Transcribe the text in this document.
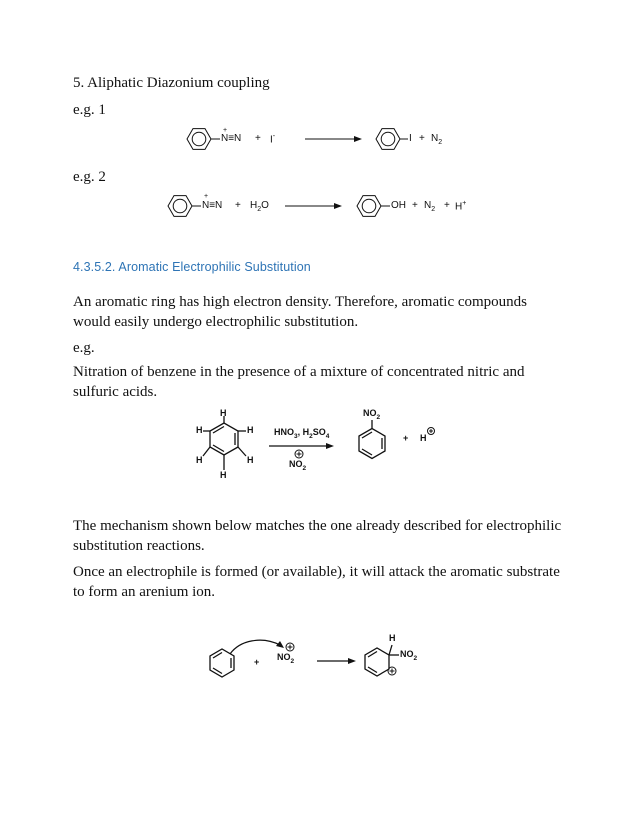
5. Aliphatic Diazonium coupling
e.g. 1
e.g. 2
+
N≡N + I-	$I + N_2$
+
$N\equiv N + H_2O$	OH + $N_2 + H^+$
4.3.5.2. Aromatic Electrophilic Substitution
An aromatic ring has high electron density. Therefore, aromatic compounds would easily undergo electrophilic substitution.
e.g.
Nitration of benzene in the presence of a mixture of concentrated nitric and sulfuric acids.
H
H	H
H	H
H
$HNO_3$, $H_2SO_4$
$NO_2$
$NO_2$
+ H
The mechanism shown below matches the one already described for electrophilic substitution reactions.
Once an electrophile is formed (or available), it will attack the aromatic substrate to form an arenium ion.
+ $NO_2$
H
$NO_2$
